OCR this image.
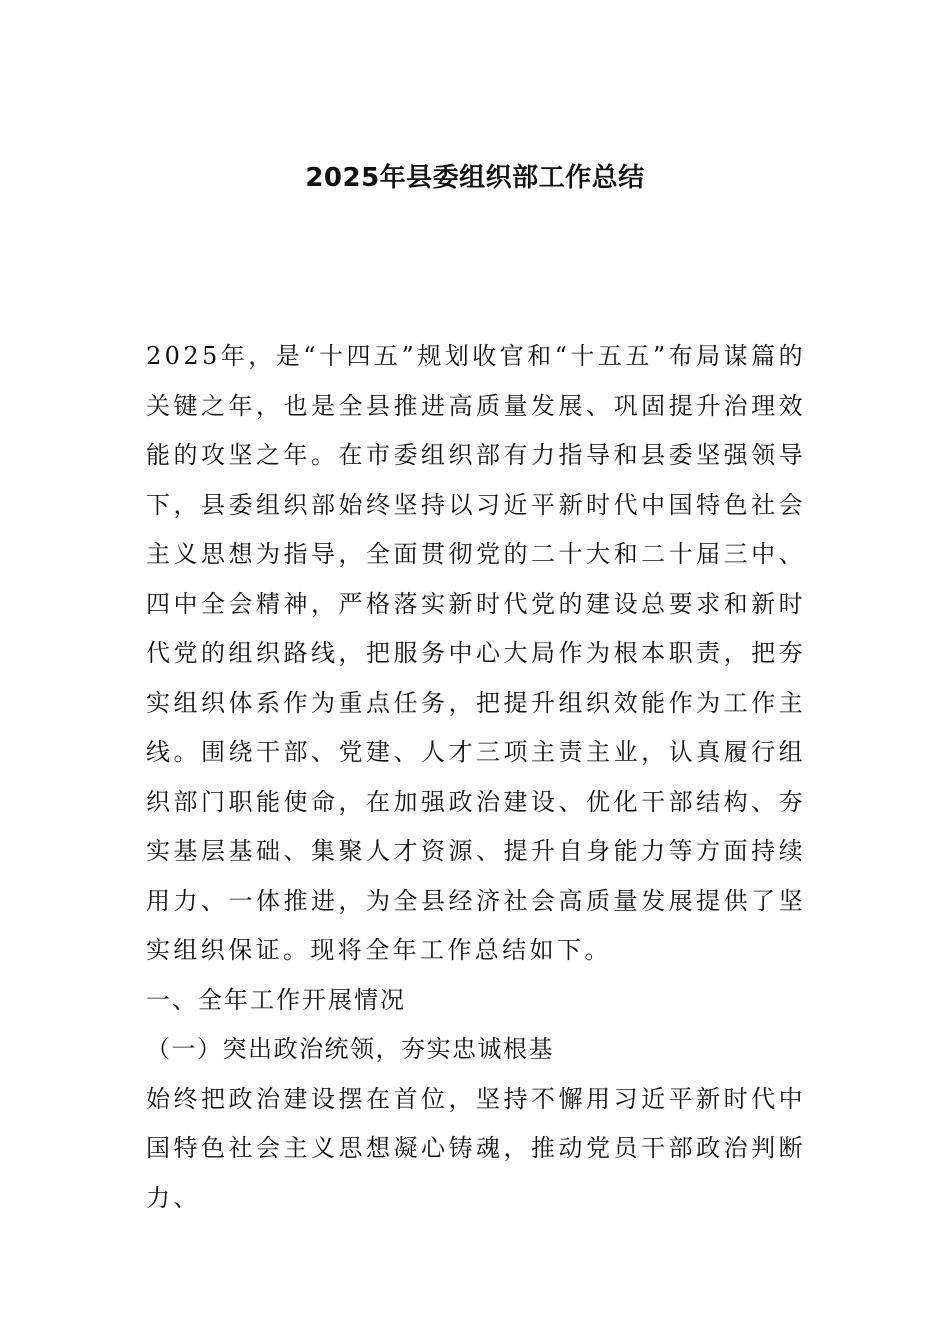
2025年县委组织部工作总结

2025年，是“十四五”规划收官和“十五五”布局谋篇的关键之年，也是全县推进高质量发展、巩固提升治理效能的攻坚之年。在市委组织部有力指导和县委坚强领导下，县委组织部始终坚持以习近平新时代中国特色社会主义思想为指导，全面贯彻党的二十大和二十届三中、四中全会精神，严格落实新时代党的建设总要求和新时代党的组织路线，把服务中心大局作为根本职责，把夯实组织体系作为重点任务，把提升组织效能作为工作主线。围绕干部、党建、人才三项主责主业，认真履行组织部门职能使命，在加强政治建设、优化干部结构、夯实基层基础、集聚人才资源、提升自身能力等方面持续用力、一体推进，为全县经济社会高质量发展提供了坚实组织保证。现将全年工作总结如下。

一、全年工作开展情况

（一）突出政治统领，夯实忠诚根基

始终把政治建设摆在首位，坚持不懈用习近平新时代中国特色社会主义思想凝心铸魂，推动党员干部政治判断力、
